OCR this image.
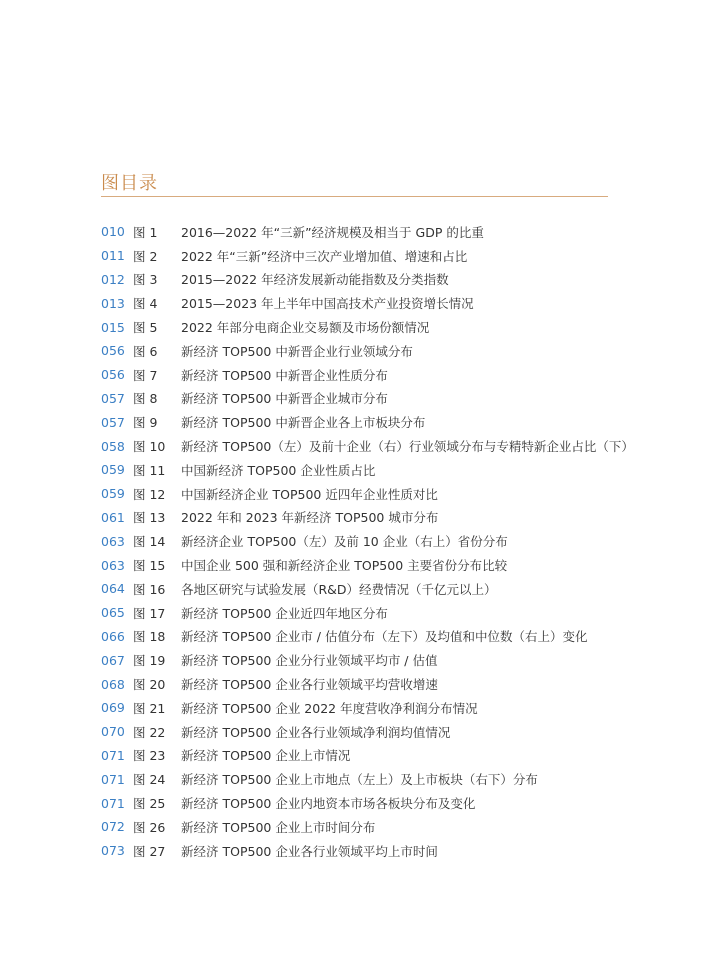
图目录
010 图 1	2016—2022 年“三新”经济规模及相当于 GDP 的比重
011 图 2	2022 年“三新”经济中三次产业增加值、增速和占比
012 图 3	2015—2022 年经济发展新动能指数及分类指数
013 图 4	2015—2023 年上半年中国高技术产业投资增长情况
015 图 5	2022 年部分电商企业交易额及市场份额情况
056 图 6	新经济 TOP500 中新晋企业行业领域分布
056 图 7	新经济 TOP500 中新晋企业性质分布
057 图 8	新经济 TOP500 中新晋企业城市分布
057 图 9	新经济 TOP500 中新晋企业各上市板块分布
058 图 10 新经济 TOP500（左）及前十企业（右）行业领域分布与专精特新企业占比（下）
059 图 11 中国新经济 TOP500 企业性质占比
059 图 12 中国新经济企业 TOP500 近四年企业性质对比
061 图 13 2022 年和 2023 年新经济 TOP500 城市分布
063 图 14 新经济企业 TOP500（左）及前 10 企业（右上）省份分布
063 图 15 中国企业 500 强和新经济企业 TOP500 主要省份分布比较
064 图 16 各地区研究与试验发展（R&D）经费情况（千亿元以上）
065 图 17 新经济 TOP500 企业近四年地区分布
066 图 18 新经济 TOP500 企业市 / 估值分布（左下）及均值和中位数（右上）变化
067 图 19 新经济 TOP500 企业分行业领域平均市 / 估值
068 图 20 新经济 TOP500 企业各行业领域平均营收增速
069 图 21 新经济 TOP500 企业 2022 年度营收净利润分布情况
070 图 22 新经济 TOP500 企业各行业领域净利润均值情况
071 图 23 新经济 TOP500 企业上市情况
071 图 24 新经济 TOP500 企业上市地点（左上）及上市板块（右下）分布
071 图 25 新经济 TOP500 企业内地资本市场各板块分布及变化
072 图 26 新经济 TOP500 企业上市时间分布
073 图 27 新经济 TOP500 企业各行业领域平均上市时间
